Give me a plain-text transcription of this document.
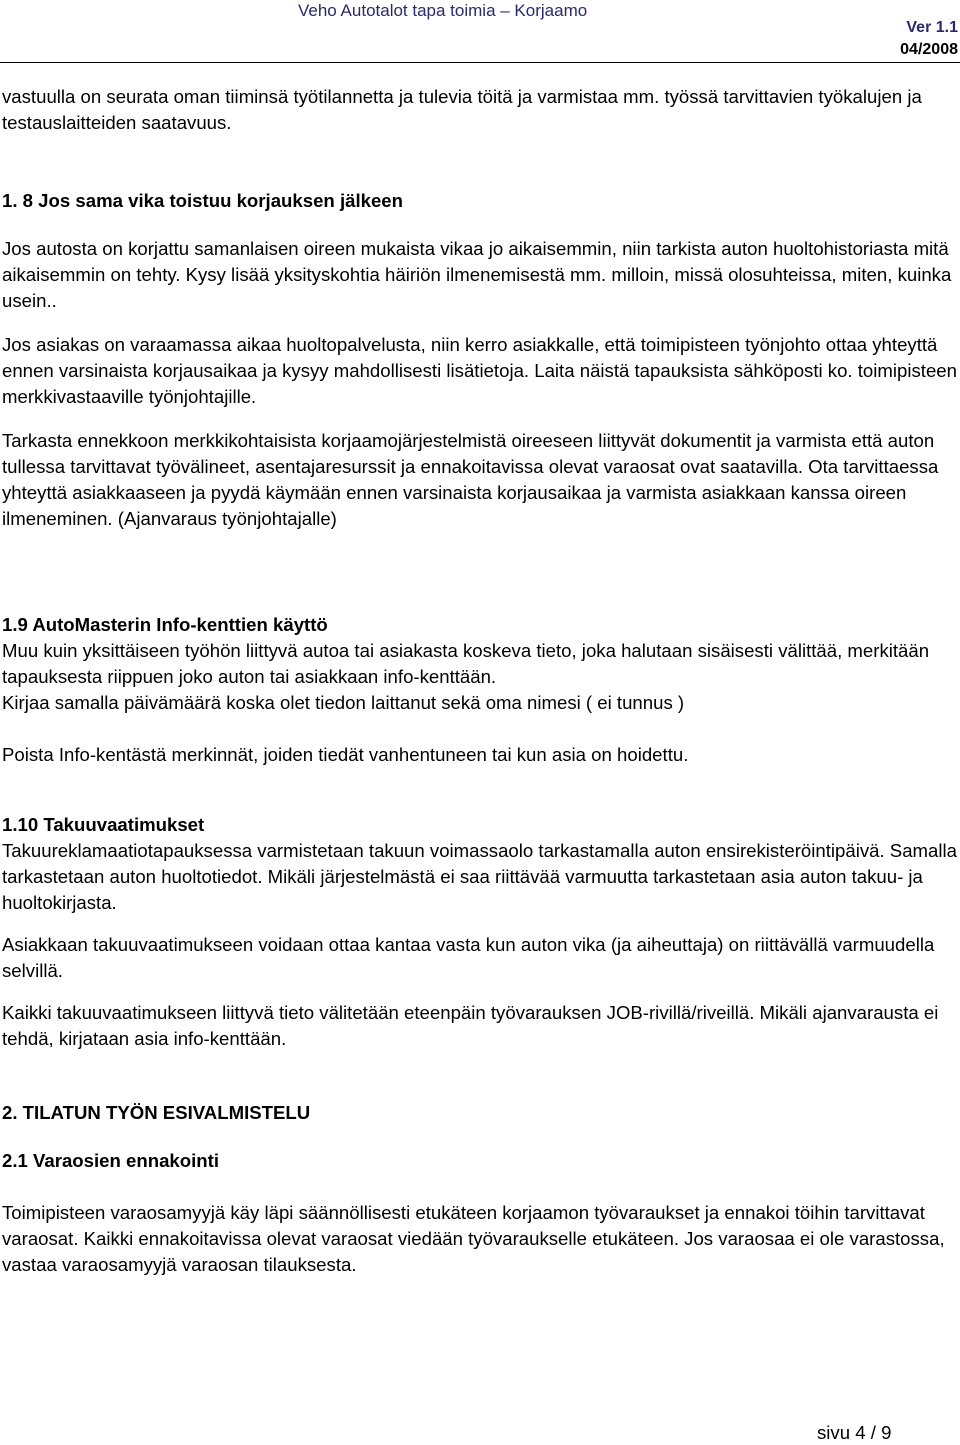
Veho Autotalot tapa toimia – Korjaamo
Ver 1.1
04/2008

vastuulla on seurata oman tiiminsä työtilannetta ja tulevia töitä ja varmistaa mm. työssä tarvittavien työkalujen ja testauslaitteiden saatavuus.

1. 8 Jos sama vika toistuu korjauksen jälkeen

Jos autosta on korjattu samanlaisen oireen mukaista vikaa jo aikaisemmin, niin tarkista auton huoltohistoriasta mitä aikaisemmin on tehty. Kysy lisää yksityskohtia häiriön ilmenemisestä mm. milloin, missä olosuhteissa, miten, kuinka usein..

Jos asiakas on varaamassa aikaa huoltopalvelusta, niin kerro asiakkalle, että toimipisteen työnjohto ottaa yhteyttä ennen varsinaista korjausaikaa ja kysyy mahdollisesti lisätietoja. Laita näistä tapauksista sähköposti ko. toimipisteen merkkivastaaville työnjohtajille.

Tarkasta ennekkoon merkkikohtaisista korjaamojärjestelmistä oireeseen liittyvät dokumentit ja varmista että auton tullessa tarvittavat työvälineet, asentajaresurssit ja ennakoitavissa olevat varaosat ovat saatavilla. Ota tarvittaessa yhteyttä asiakkaaseen ja pyydä käymään ennen varsinaista korjausaikaa ja varmista asiakkaan kanssa oireen ilmeneminen. (Ajanvaraus työnjohtajalle)

1.9 AutoMasterin Info-kenttien käyttö

Muu kuin yksittäiseen työhön liittyvä autoa tai asiakasta koskeva tieto, joka halutaan sisäisesti välittää, merkitään tapauksesta riippuen joko auton tai asiakkaan info-kenttään.

Kirjaa samalla päivämäärä koska olet tiedon laittanut sekä oma nimesi ( ei tunnus )

Poista Info-kentästä merkinnät, joiden tiedät vanhentuneen tai kun asia on hoidettu.

1.10 Takuuvaatimukset

Takuureklamaatiotapauksessa varmistetaan takuun voimassaolo tarkastamalla auton ensirekisteröintipäivä. Samalla tarkastetaan auton huoltotiedot. Mikäli järjestelmästä ei saa riittävää varmuutta tarkastetaan asia auton takuu- ja huoltokirjasta.

Asiakkaan takuuvaatimukseen voidaan ottaa kantaa vasta kun auton vika (ja aiheuttaja) on riittävällä varmuudella selvillä.

Kaikki takuuvaatimukseen liittyvä tieto välitetään eteenpäin työvarauksen JOB-rivillä/riveillä. Mikäli ajanvarausta ei tehdä, kirjataan asia info-kenttään.

2. TILATUN TYÖN ESIVALMISTELU
2.1 Varaosien ennakointi

Toimipisteen varaosamyyjä käy läpi säännöllisesti etukäteen korjaamon työvaraukset ja ennakoi töihin tarvittavat varaosat. Kaikki ennakoitavissa olevat varaosat viedään työvaraukselle etukäteen. Jos varaosaa ei ole varastossa, vastaa varaosamyyjä varaosan tilauksesta.

sivu 4 / 9
